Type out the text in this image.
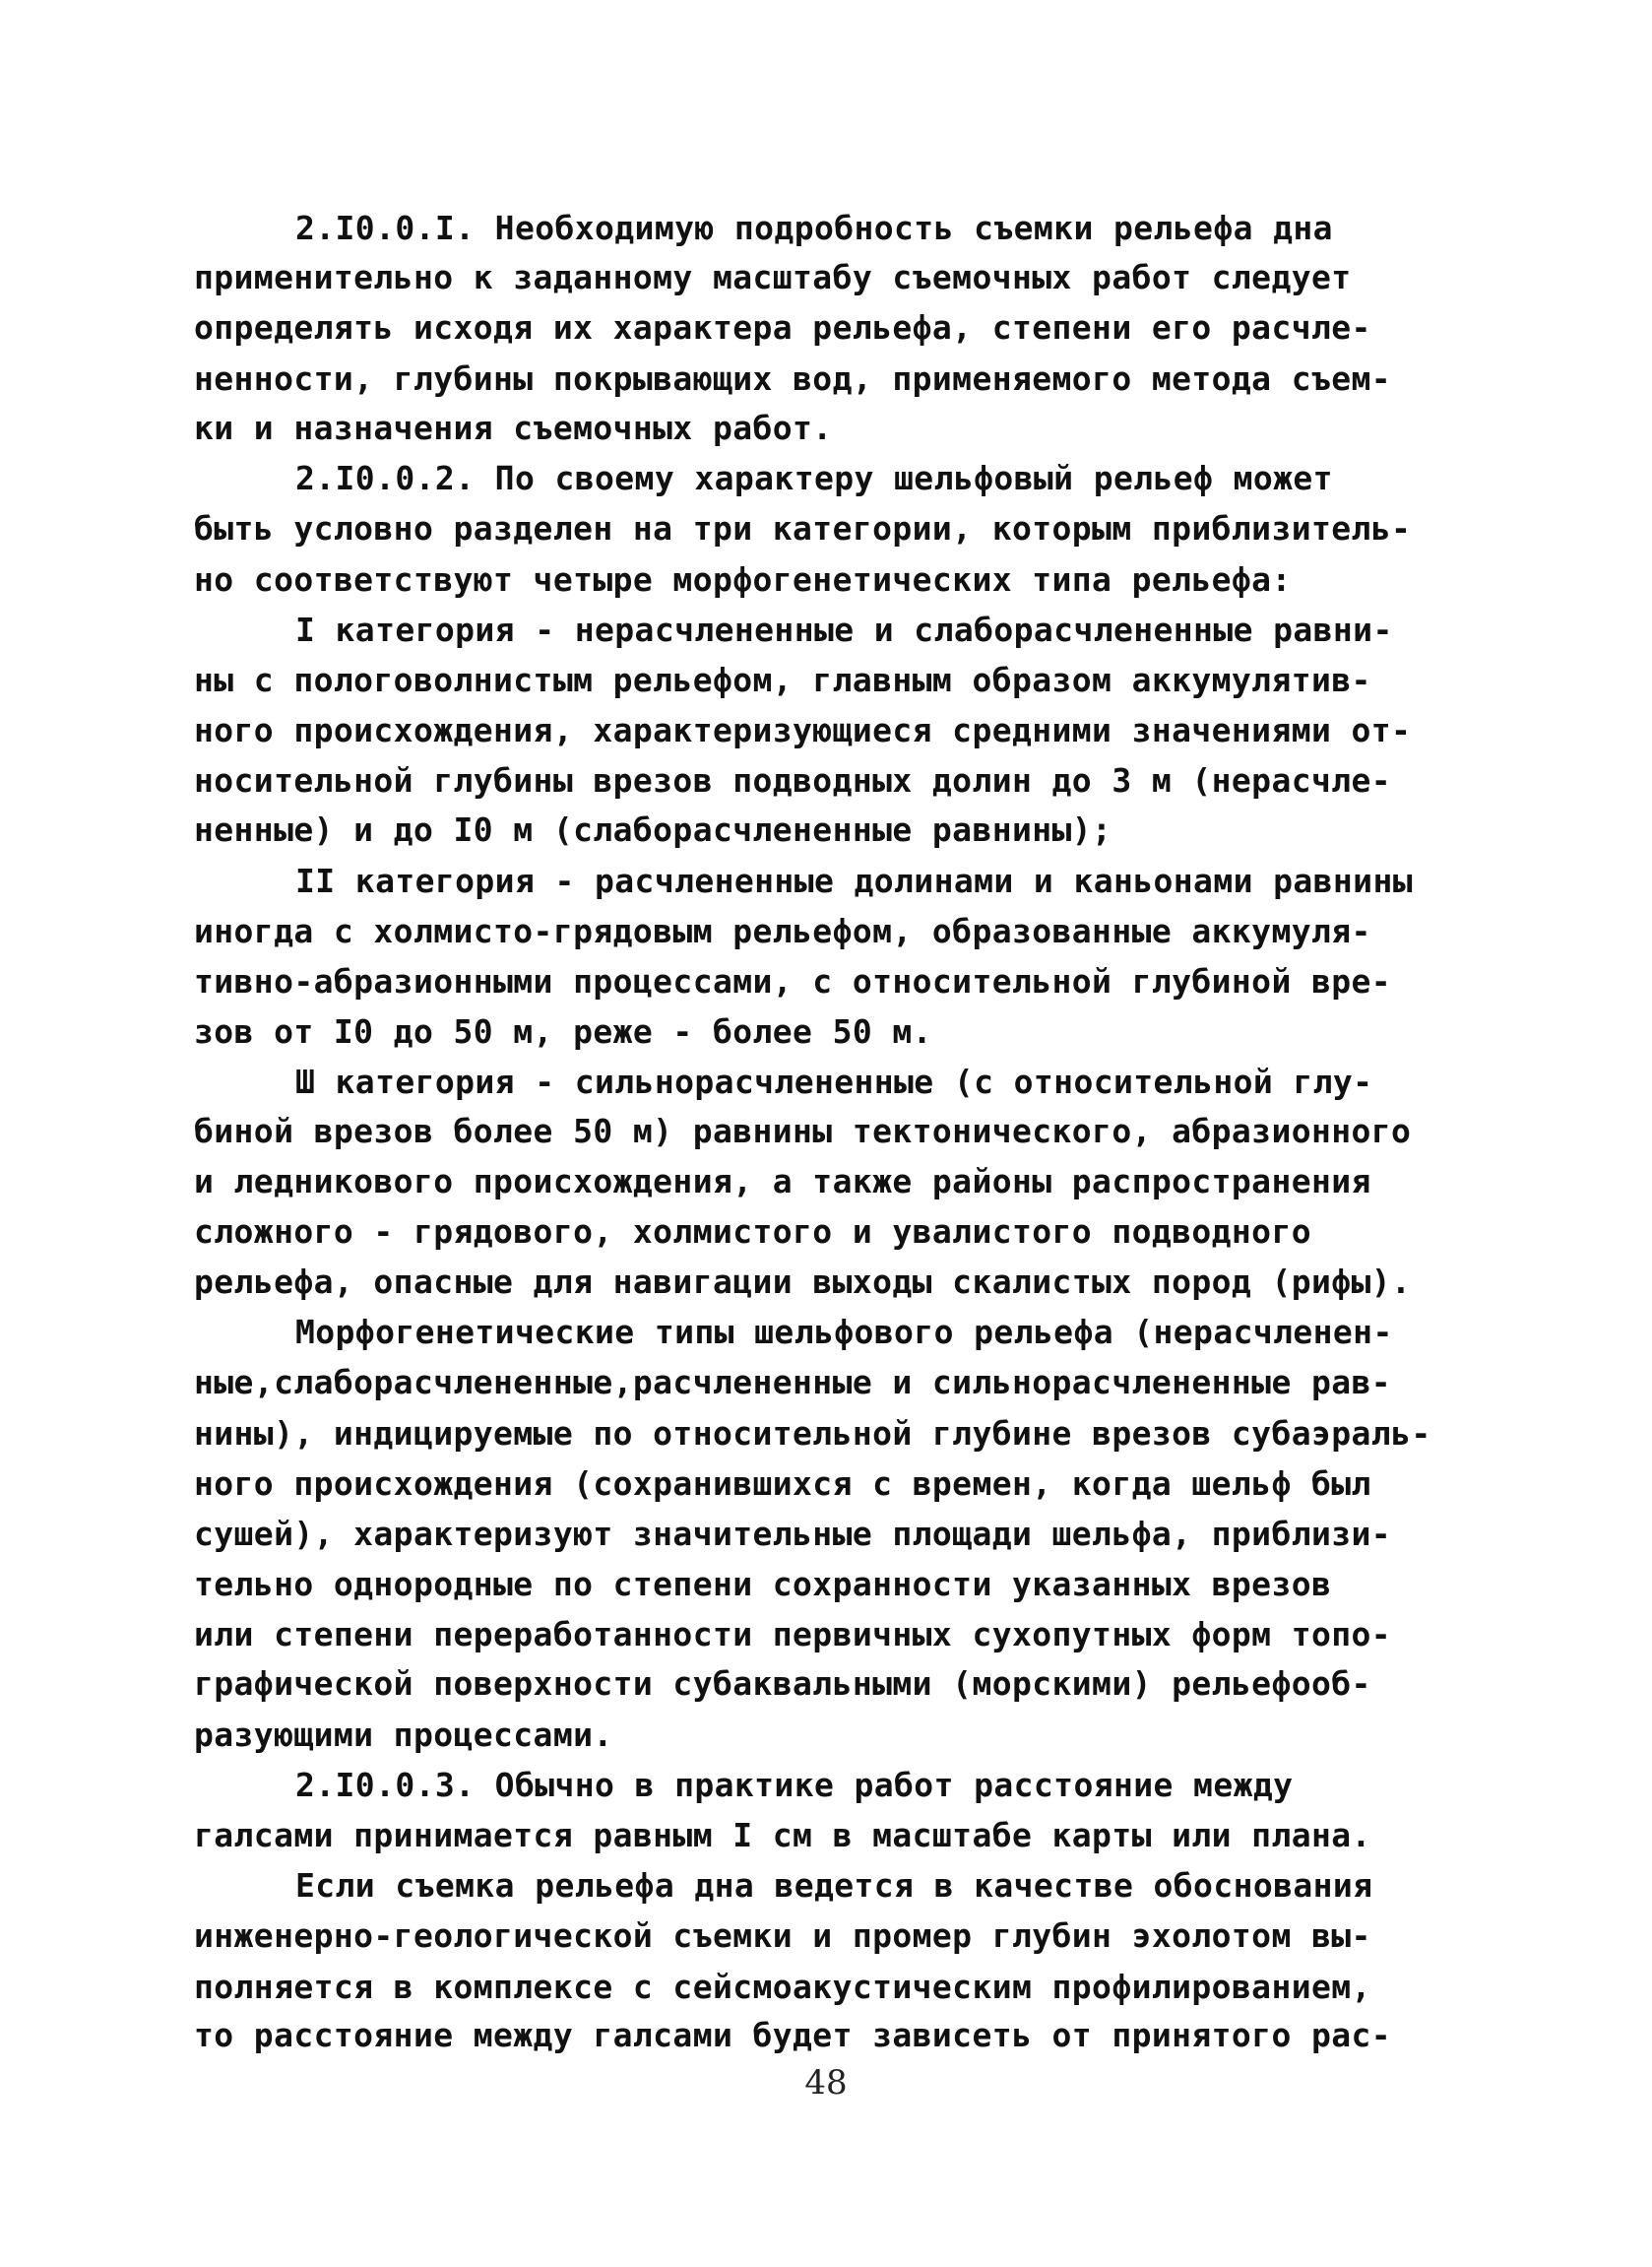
2.I0.0.I. Необходимую подробность съемки рельефа дна

применительно к заданному масштабу съемочных работ следует

определять исходя их характера рельефа, степени его расчле-

ненности, глубины покрывающих вод, применяемого метода съем-

ки и назначения съемочных работ.

2.I0.0.2. По своему характеру шельфовый рельеф может

быть условно разделен на три категории, которым приблизитель-

но соответствуют четыре морфогенетических типа рельефа:

I категория - нерасчлененные и слаборасчлененные равни-

ны с пологоволнистым рельефом, главным образом аккумулятив-

ного происхождения, характеризующиеся средними значениями от-

носительной глубины врезов подводных долин до 3 м (нерасчле-

ненные) и до I0 м (слаборасчлененные равнины);

II категория - расчлененные долинами и каньонами равнины

иногда с холмисто-грядовым рельефом, образованные аккумуля-

тивно-абразионными процессами, с относительной глубиной вре-

зов от I0 до 50 м, реже - более 50 м.

Ш категория - сильнорасчлененные (с относительной глу-

биной врезов более 50 м) равнины тектонического, абразионного

и ледникового происхождения, а также районы распространения

сложного - грядового, холмистого и увалистого подводного

рельефа, опасные для навигации выходы скалистых пород (рифы).

Морфогенетические типы шельфового рельефа (нерасчленен-

ные,слаборасчлененные,расчлененные и сильнорасчлененные рав-

нины), индицируемые по относительной глубине врезов субаэраль-

ного происхождения (сохранившихся с времен, когда шельф был

сушей), характеризуют значительные площади шельфа, приблизи-

тельно однородные по степени сохранности указанных врезов

или степени переработанности первичных сухопутных форм топо-

графической поверхности субаквальными (морскими) рельефооб-

разующими процессами.

2.I0.0.3. Обычно в практике работ расстояние между

галсами принимается равным I см в масштабе карты или плана.

Если съемка рельефа дна ведется в качестве обоснования

инженерно-геологической съемки и промер глубин эхолотом вы-

полняется в комплексе с сейсмоакустическим профилированием,

то расстояние между галсами будет зависеть от принятого рас-

48
